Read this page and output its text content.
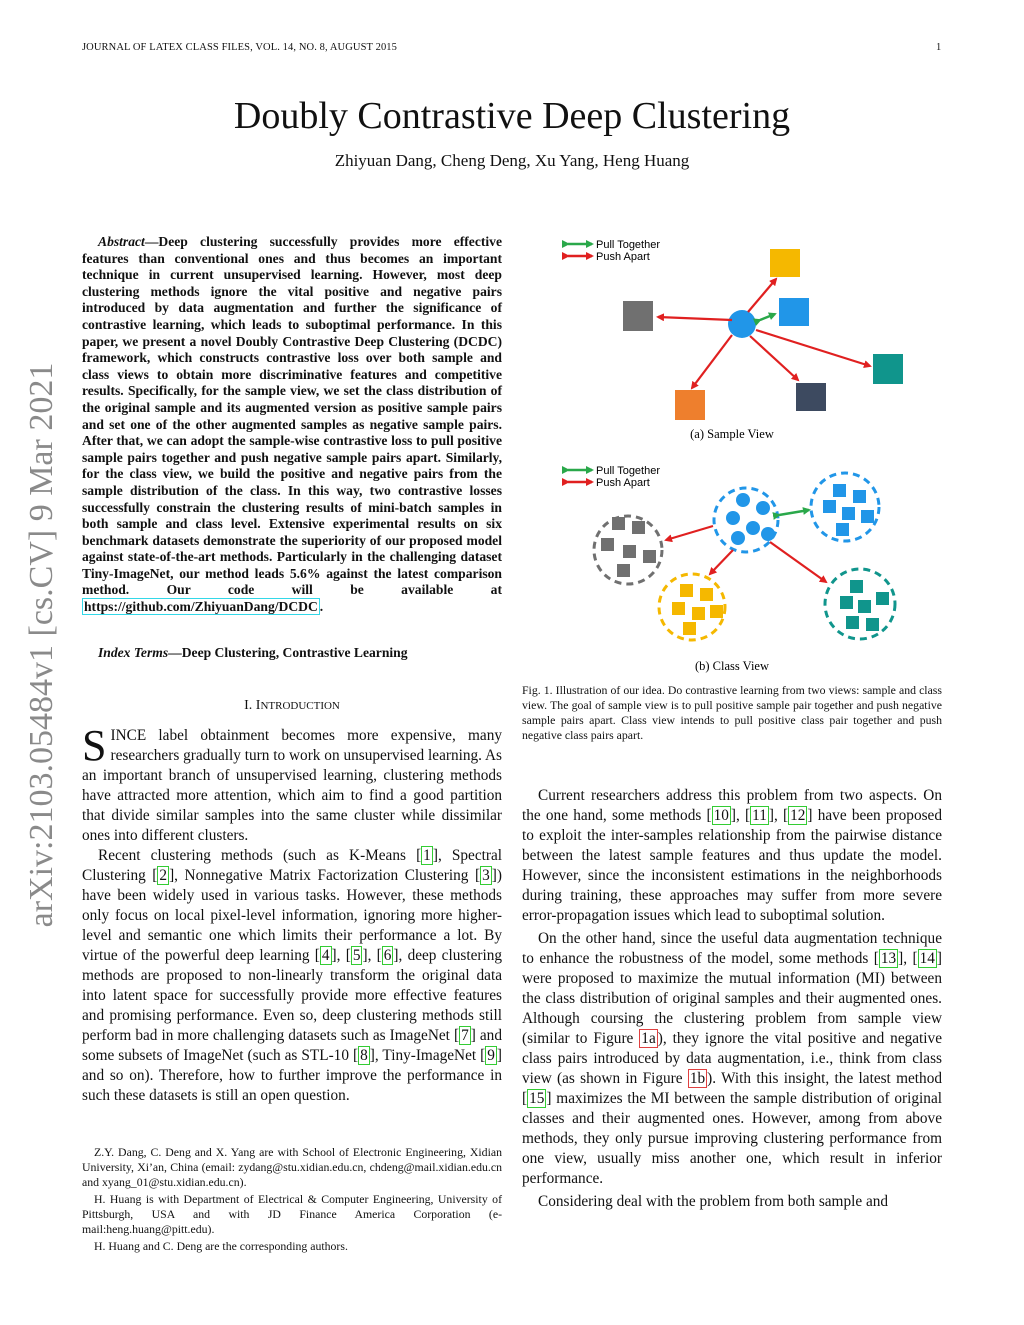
JOURNAL OF LATEX CLASS FILES, VOL. 14, NO. 8, AUGUST 2015	1
Doubly Contrastive Deep Clustering
Zhiyuan Dang, Cheng Deng, Xu Yang, Heng Huang
arXiv:2103.05484v1 [cs.CV] 9 Mar 2021
Abstract—Deep clustering successfully provides more effective features than conventional ones and thus becomes an important technique in current unsupervised learning. However, most deep clustering methods ignore the vital positive and negative pairs introduced by data augmentation and further the significance of contrastive learning, which leads to suboptimal performance. In this paper, we present a novel Doubly Contrastive Deep Clustering (DCDC) framework, which constructs contrastive loss over both sample and class views to obtain more discriminative features and competitive results. Specifically, for the sample view, we set the class distribution of the original sample and its augmented version as positive sample pairs and set one of the other augmented samples as negative sample pairs. After that, we can adopt the sample-wise contrastive loss to pull positive sample pairs together and push negative sample pairs apart. Similarly, for the class view, we build the positive and negative pairs from the sample distribution of the class. In this way, two contrastive losses successfully constrain the clustering results of mini-batch samples in both sample and class level. Extensive experimental results on six benchmark datasets demonstrate the superiority of our proposed model against state-of-the-art methods. Particularly in the challenging dataset Tiny-ImageNet, our method leads 5.6% against the latest comparison method. Our code will be available at https://github.com/ZhiyuanDang/DCDC .
Index Terms—Deep Clustering, Contrastive Learning
I. INTRODUCTION

SINCE label obtainment becomes more expensive, many researchers gradually turn to work on unsupervised learning. As an important branch of unsupervised learning, clustering methods have attracted more attention, which aim to find a good partition that divide similar samples into the same cluster while dissimilar ones into different clusters.

Recent clustering methods (such as K-Means [ 1 ], Spectral Clustering [ 2 ], Nonnegative Matrix Factorization Clustering [ 3 ]) have been widely used in various tasks. However, these methods only focus on local pixel-level information, ignoring more higher-level and semantic one which limits their performance a lot. By virtue of the powerful deep learning [ 4 ], [ 5 ], [ 6 ], deep clustering methods are proposed to non-linearly transform the original data into latent space for successfully provide more effective features and promising performance. Even so, deep clustering methods still perform bad in more challenging datasets such as ImageNet [ 7 ] and some subsets of ImageNet (such as STL-10 [ 8 ], Tiny-ImageNet [ 9 ] and so on). Therefore, how to further improve the performance in such these datasets is still an open question.

Z.Y. Dang, C. Deng and X. Yang are with School of Electronic Engineering, Xidian University, Xi’an, China (email: zydang@stu.xidian.edu.cn, chdeng@mail.xidian.edu.cn and xyang_01@stu.xidian.edu.cn).

H. Huang is with Department of Electrical & Computer Engineering, University of Pittsburgh, USA and with JD Finance America Corporation (e-mail:heng.huang@pitt.edu).

H. Huang and C. Deng are the corresponding authors.

Pull Together
Push Apart
(a) Sample View
Pull Together
Push Apart
(b) Class View
Fig. 1. Illustration of our idea. Do contrastive learning from two views: sample and class view. The goal of sample view is to pull positive sample pair together and push negative sample pairs apart. Class view intends to pull positive class pair together and push negative class pairs apart.

Current researchers address this problem from two aspects. On the one hand, some methods [ 10 ], [ 11 ], [ 12 ] have been proposed to exploit the inter-samples relationship from the pairwise distance between the latest sample features and thus update the model. However, since the inconsistent estimations in the neighborhoods during training, these approaches may suffer from more severe error-propagation issues which lead to suboptimal solution.

On the other hand, since the useful data augmentation technique to enhance the robustness of the model, some methods [ 13 ], [ 14 ] were proposed to maximize the mutual information (MI) between the class distribution of original samples and their augmented ones. Although coursing the clustering problem from sample view (similar to Figure 1a ), they ignore the vital positive and negative class pairs introduced by data augmentation, i.e., think from class view (as shown in Figure 1b ). With this insight, the latest method [ 15 ] maximizes the MI between the sample distribution of original classes and their augmented ones. However, among from above methods, they only pursue improving clustering performance from one view, usually miss another one, which result in inferior performance.

Considering deal with the problem from both sample and
